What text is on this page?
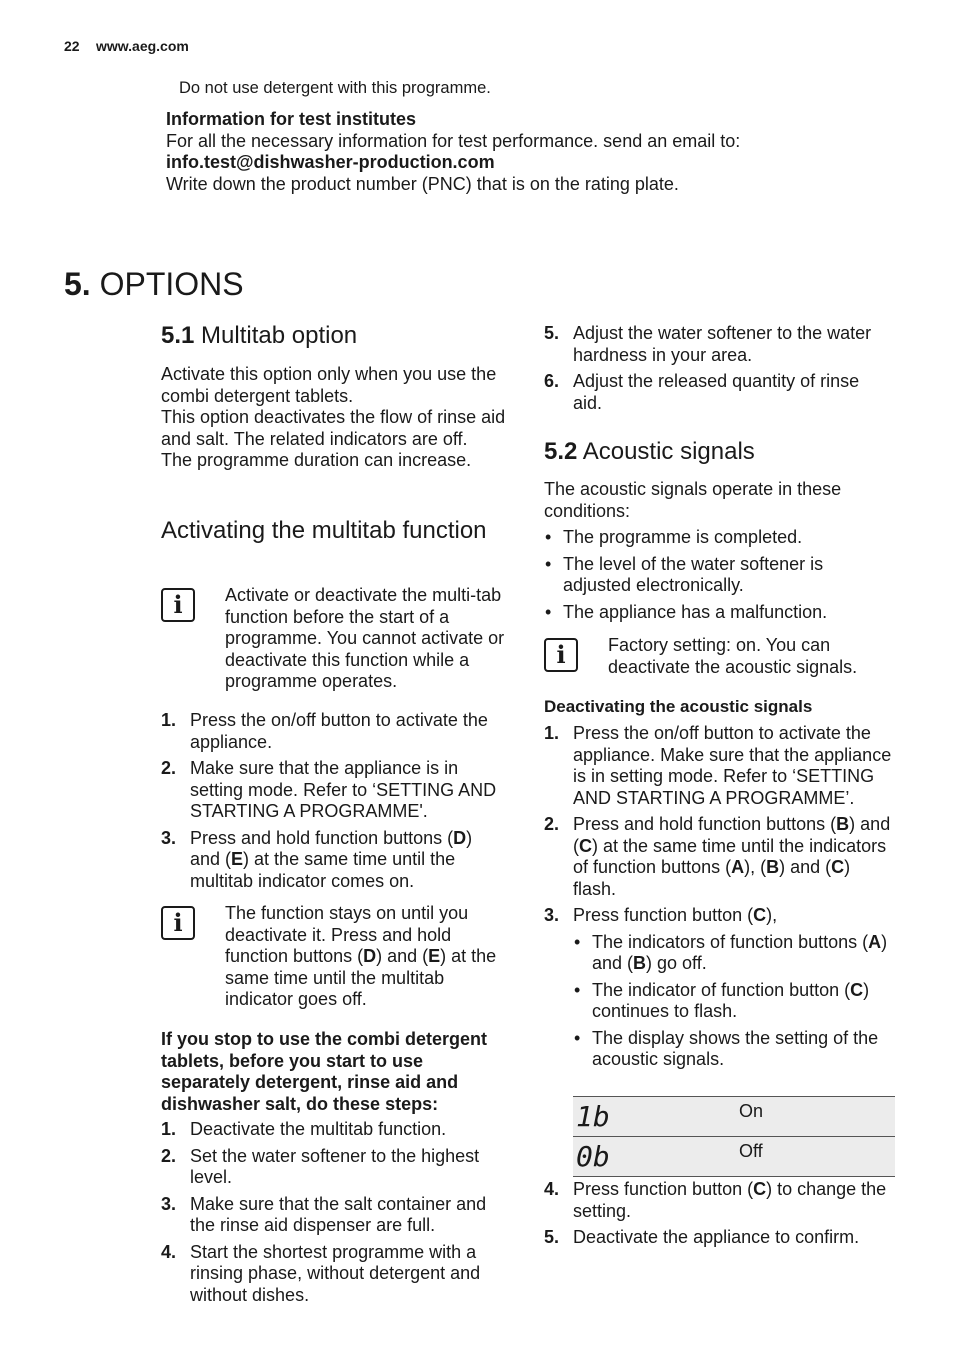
22 www.aeg.com

Do not use detergent with this programme.

Information for test institutes

For all the necessary information for test performance. send an email to:

info.test@dishwasher-production.com

Write down the product number (PNC) that is on the rating plate.

5. OPTIONS
5.1 Multitab option

Activate this option only when you use the combi detergent tablets.

This option deactivates the flow of rinse aid and salt. The related indicators are off.

The programme duration can increase.

Activating the multitab function
i	Activate or deactivate the multi-tab function before the start of a programme. You cannot activate or deactivate this function while a programme operates.

1. Press the on/off button to activate the appliance.
2. Make sure that the appliance is in setting mode. Refer to ‘SETTING AND STARTING A PROGRAMME'.
3. Press and hold function buttons (D) and (E) at the same time until the multitab indicator comes on.
i	The function stays on until you deactivate it. Press and hold function buttons (D) and (E) at the same time until the multitab indicator goes off.

If you stop to use the combi detergent tablets, before you start to use separately detergent, rinse aid and dishwasher salt, do these steps:

1. Deactivate the multitab function.
2. Set the water softener to the highest level.
3. Make sure that the salt container and the rinse aid dispenser are full.
4. Start the shortest programme with a rinsing phase, without detergent and without dishes.
5. Adjust the water softener to the water hardness in your area.
6. Adjust the released quantity of rinse aid.
5.2 Acoustic signals

The acoustic signals operate in these conditions:

• The programme is completed.
• The level of the water softener is adjusted electronically.
• The appliance has a malfunction.
i	Factory setting: on. You can deactivate the acoustic signals.

Deactivating the acoustic signals

1. Press the on/off button to activate the appliance. Make sure that the appliance is in setting mode. Refer to ‘SETTING AND STARTING A PROGRAMME’.
2. Press and hold function buttons (B) and (C) at the same time until the indicators of function buttons (A), (B) and (C) flash.
3. Press function button (C),
• The indicators of function buttons (A) and (B) go off.
• The indicator of function button (C) continues to flash.
• The display shows the setting of the acoustic signals.
1b	On
0b	Off
4. Press function button (C) to change the setting.
5. Deactivate the appliance to confirm.
